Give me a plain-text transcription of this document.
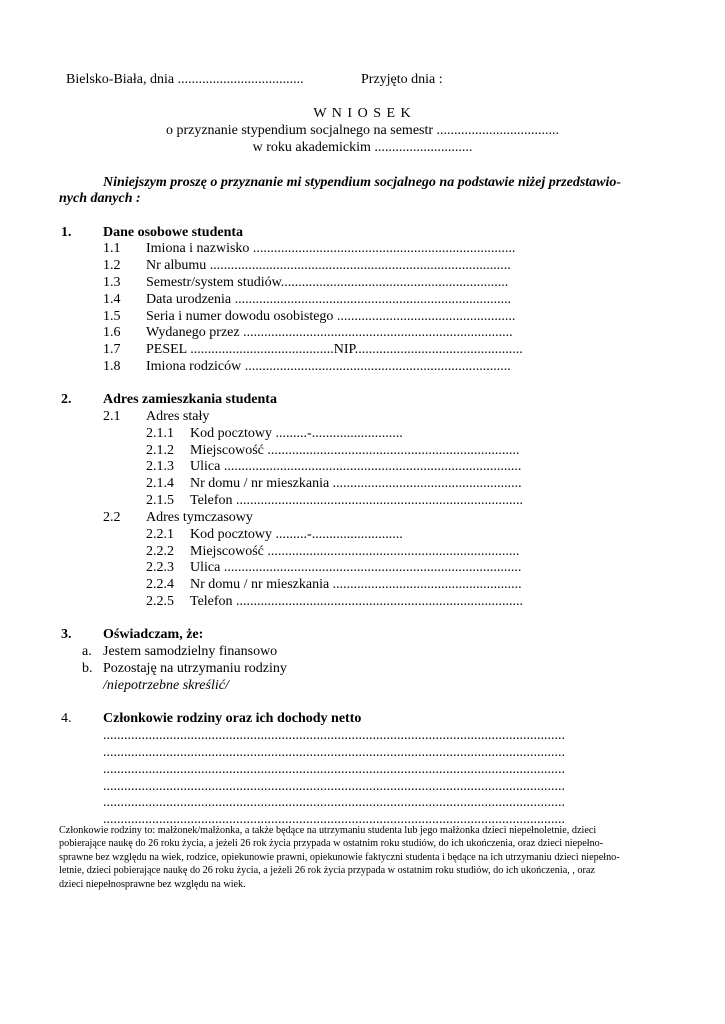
Bielsko-Biała, dnia ....................................	Przyjęto dnia :
W N I O S E K
o przyznanie stypendium socjalnego na semestr ...................................
w roku akademickim ............................
Niniejszym proszę o przyznanie mi stypendium socjalnego na podstawie niżej przedstawio-
nych danych :
1. Dane osobowe studenta
1.1 Imiona i nazwisko ...........................................................................
1.2 Nr albumu ......................................................................................
1.3 Semestr/system studiów.................................................................
1.4 Data urodzenia ...............................................................................
1.5 Seria i numer dowodu osobistego ...................................................
1.6 Wydanego przez .............................................................................
1.7 PESEL .........................................NIP................................................
1.8 Imiona rodziców ............................................................................
2. Adres zamieszkania studenta
2.1 Adres stały
2.1.1 Kod pocztowy .........-..........................
2.1.2 Miejscowość ........................................................................
2.1.3 Ulica .....................................................................................
2.1.4 Nr domu / nr mieszkania ......................................................
2.1.5 Telefon ..................................................................................
2.2 Adres tymczasowy
2.2.1 Kod pocztowy .........-..........................
2.2.2 Miejscowość ........................................................................
2.2.3 Ulica .....................................................................................
2.2.4 Nr domu / nr mieszkania ......................................................
2.2.5 Telefon ..................................................................................
3. Oświadczam, że:
a. Jestem samodzielny finansowo
b. Pozostaję na utrzymaniu rodziny
/niepotrzebne skreślić/
4. Członkowie rodziny oraz ich dochody netto
....................................................................................................................................
....................................................................................................................................
....................................................................................................................................
....................................................................................................................................
....................................................................................................................................
....................................................................................................................................
Członkowie rodziny to: małżonek/małżonka, a także będące na utrzymaniu studenta lub jego małżonka dzieci niepełnoletnie, dzieci
pobierające naukę do 26 roku życia, a jeżeli 26 rok życia przypada w ostatnim roku studiów, do ich ukończenia, oraz dzieci niepełno-
sprawne bez względu na wiek, rodzice, opiekunowie prawni, opiekunowie faktyczni studenta i będące na ich utrzymaniu dzieci niepełno-
letnie, dzieci pobierające naukę do 26 roku życia, a jeżeli 26 rok życia przypada w ostatnim roku studiów, do ich ukończenia, , oraz
dzieci niepełnosprawne bez względu na wiek.
